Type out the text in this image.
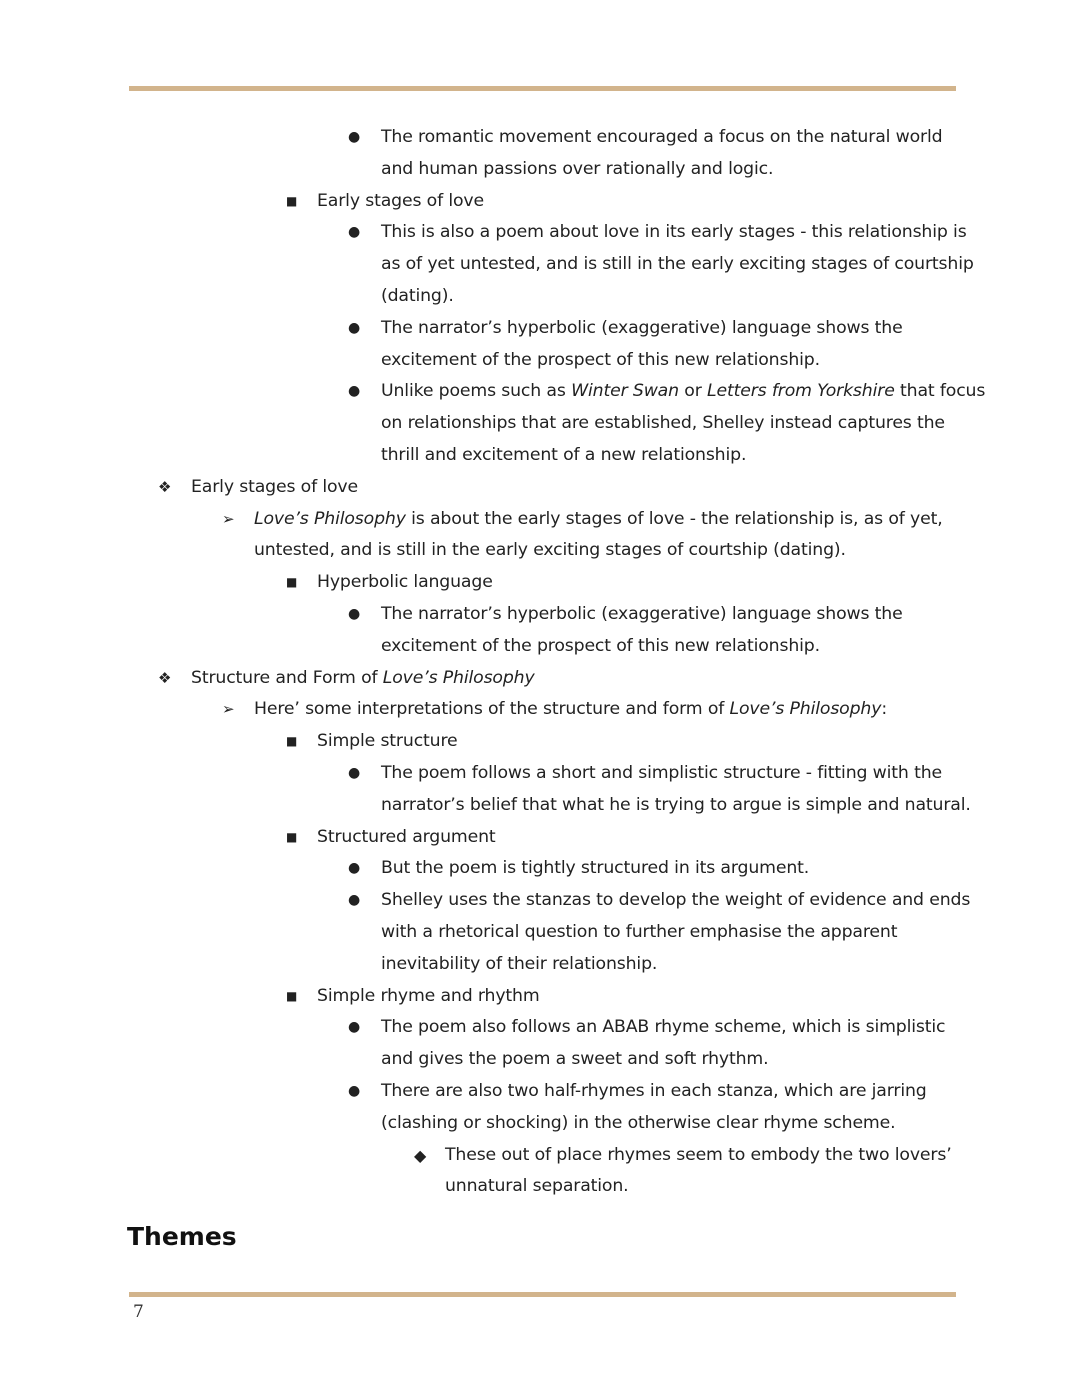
● The romantic movement encouraged a focus on the natural world
and human passions over rationally and logic.
■ Early stages of love
● This is also a poem about love in its early stages - this relationship is
as of yet untested, and is still in the early exciting stages of courtship
(dating).
● The narrator’s hyperbolic (exaggerative) language shows the
excitement of the prospect of this new relationship.
● Unlike poems such as Winter Swan or Letters from Yorkshire that focus
on relationships that are established, Shelley instead captures the
thrill and excitement of a new relationship.
❖ Early stages of love
➢ Love’s Philosophy is about the early stages of love - the relationship is, as of yet,
untested, and is still in the early exciting stages of courtship (dating).
■ Hyperbolic language
● The narrator’s hyperbolic (exaggerative) language shows the
excitement of the prospect of this new relationship.
❖ Structure and Form of Love’s Philosophy
➢ Here’ some interpretations of the structure and form of Love’s Philosophy:
■ Simple structure
● The poem follows a short and simplistic structure - fitting with the
narrator’s belief that what he is trying to argue is simple and natural.
■ Structured argument
● But the poem is tightly structured in its argument.
● Shelley uses the stanzas to develop the weight of evidence and ends
with a rhetorical question to further emphasise the apparent
inevitability of their relationship.
■ Simple rhyme and rhythm
● The poem also follows an ABAB rhyme scheme, which is simplistic
and gives the poem a sweet and soft rhythm.
● There are also two half-rhymes in each stanza, which are jarring
(clashing or shocking) in the otherwise clear rhyme scheme.
◆ These out of place rhymes seem to embody the two lovers’
unnatural separation.
Themes
7
